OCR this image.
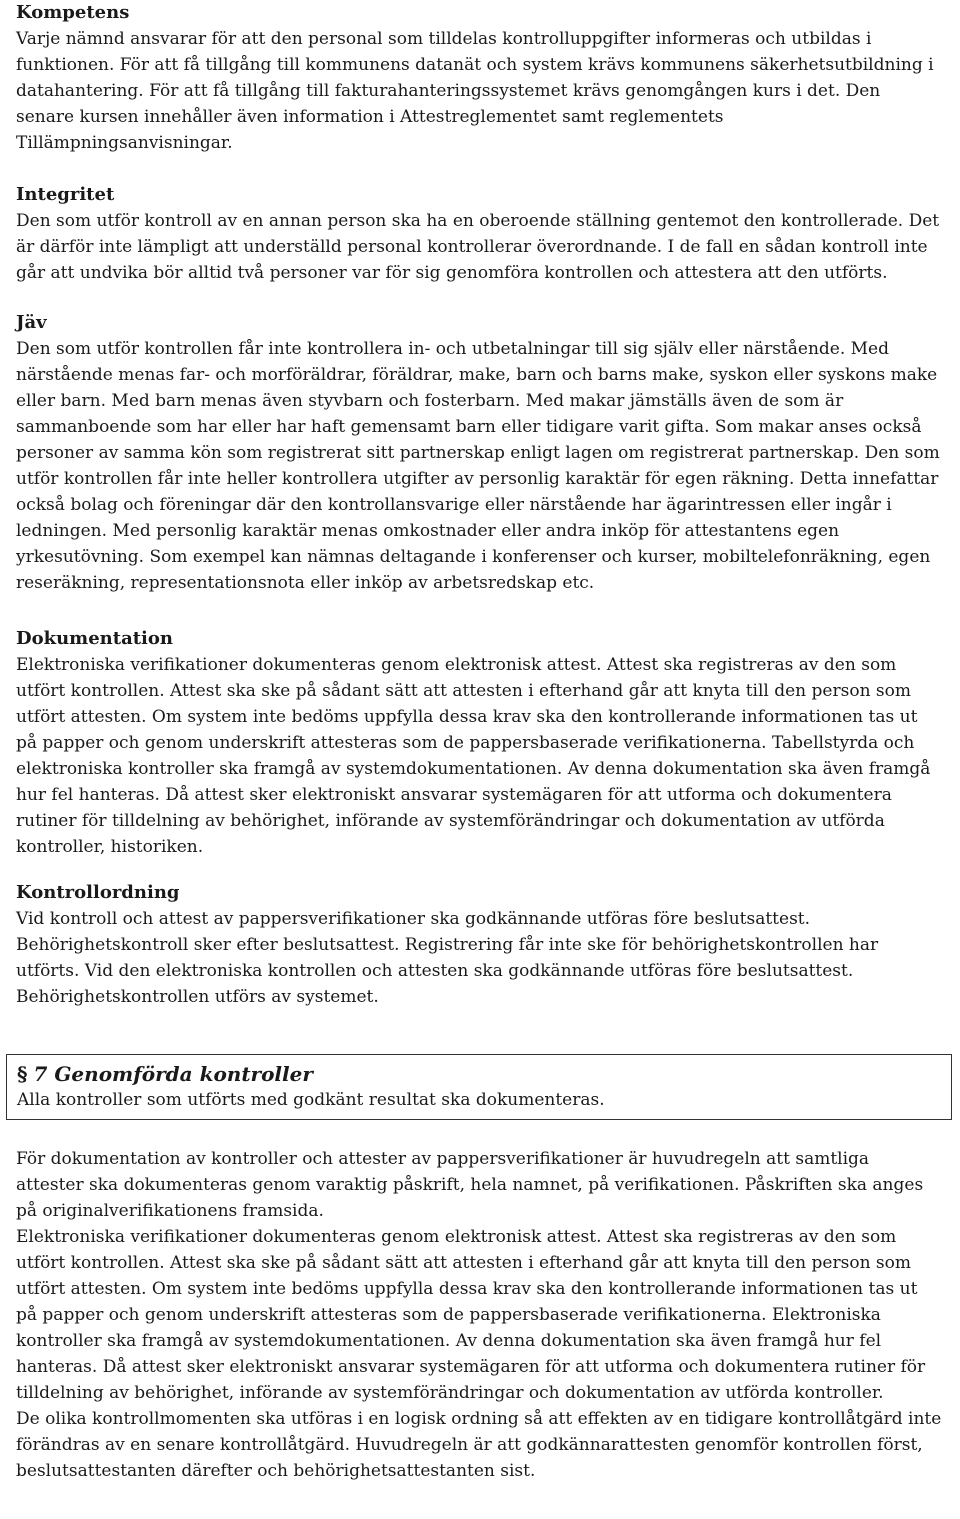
Kompetens

Varje nämnd ansvarar för att den personal som tilldelas kontrolluppgifter informeras och utbildas i funktionen. För att få tillgång till kommunens datanät och system krävs kommunens säkerhetsutbildning i datahantering. För att få tillgång till fakturahanteringssystemet krävs genomgången kurs i det. Den senare kursen innehåller även information i Attestreglementet samt reglementets Tillämpningsanvisningar.

Integritet

Den som utför kontroll av en annan person ska ha en oberoende ställning gentemot den kontrollerade. Det är därför inte lämpligt att underställd personal kontrollerar överordnande. I de fall en sådan kontroll inte går att undvika bör alltid två personer var för sig genomföra kontrollen och attestera att den utförts.

Jäv

Den som utför kontrollen får inte kontrollera in- och utbetalningar till sig själv eller närstående. Med närstående menas far- och morföräldrar, föräldrar, make, barn och barns make, syskon eller syskons make eller barn. Med barn menas även styvbarn och fosterbarn. Med makar jämställs även de som är sammanboende som har eller har haft gemensamt barn eller tidigare varit gifta. Som makar anses också personer av samma kön som registrerat sitt partnerskap enligt lagen om registrerat partnerskap. Den som utför kontrollen får inte heller kontrollera utgifter av personlig karaktär för egen räkning. Detta innefattar också bolag och föreningar där den kontrollansvarige eller närstående har ägarintressen eller ingår i ledningen. Med personlig karaktär menas omkostnader eller andra inköp för attestantens egen yrkesutövning. Som exempel kan nämnas deltagande i konferenser och kurser, mobiltelefonräkning, egen reseräkning, representationsnota eller inköp av arbetsredskap etc.

Dokumentation

Elektroniska verifikationer dokumenteras genom elektronisk attest. Attest ska registreras av den som utfört kontrollen. Attest ska ske på sådant sätt att attesten i efterhand går att knyta till den person som utfört attesten. Om system inte bedöms uppfylla dessa krav ska den kontrollerande informationen tas ut på papper och genom underskrift attesteras som de pappersbaserade verifikationerna. Tabellstyrda och elektroniska kontroller ska framgå av systemdokumentationen. Av denna dokumentation ska även framgå hur fel hanteras. Då attest sker elektroniskt ansvarar systemägaren för att utforma och dokumentera rutiner för tilldelning av behörighet, införande av systemförändringar och dokumentation av utförda kontroller, historiken.

Kontrollordning

Vid kontroll och attest av pappersverifikationer ska godkännande utföras före beslutsattest. Behörighetskontroll sker efter beslutsattest. Registrering får inte ske för behörighetskontrollen har utförts. Vid den elektroniska kontrollen och attesten ska godkännande utföras före beslutsattest. Behörighetskontrollen utförs av systemet.

§ 7 Genomförda kontroller

Alla kontroller som utförts med godkänt resultat ska dokumenteras.

För dokumentation av kontroller och attester av pappersverifikationer är huvudregeln att samtliga attester ska dokumenteras genom varaktig påskrift, hela namnet, på verifikationen. Påskriften ska anges på originalverifikationens framsida.

Elektroniska verifikationer dokumenteras genom elektronisk attest. Attest ska registreras av den som utfört kontrollen. Attest ska ske på sådant sätt att attesten i efterhand går att knyta till den person som utfört attesten. Om system inte bedöms uppfylla dessa krav ska den kontrollerande informationen tas ut på papper och genom underskrift attesteras som de pappersbaserade verifikationerna. Elektroniska kontroller ska framgå av systemdokumentationen. Av denna dokumentation ska även framgå hur fel hanteras. Då attest sker elektroniskt ansvarar systemägaren för att utforma och dokumentera rutiner för tilldelning av behörighet, införande av systemförändringar och dokumentation av utförda kontroller.

De olika kontrollmomenten ska utföras i en logisk ordning så att effekten av en tidigare kontrollåtgärd inte förändras av en senare kontrollåtgärd. Huvudregeln är att godkännarattesten genomför kontrollen först, beslutsattestanten därefter och behörighetsattestanten sist.
